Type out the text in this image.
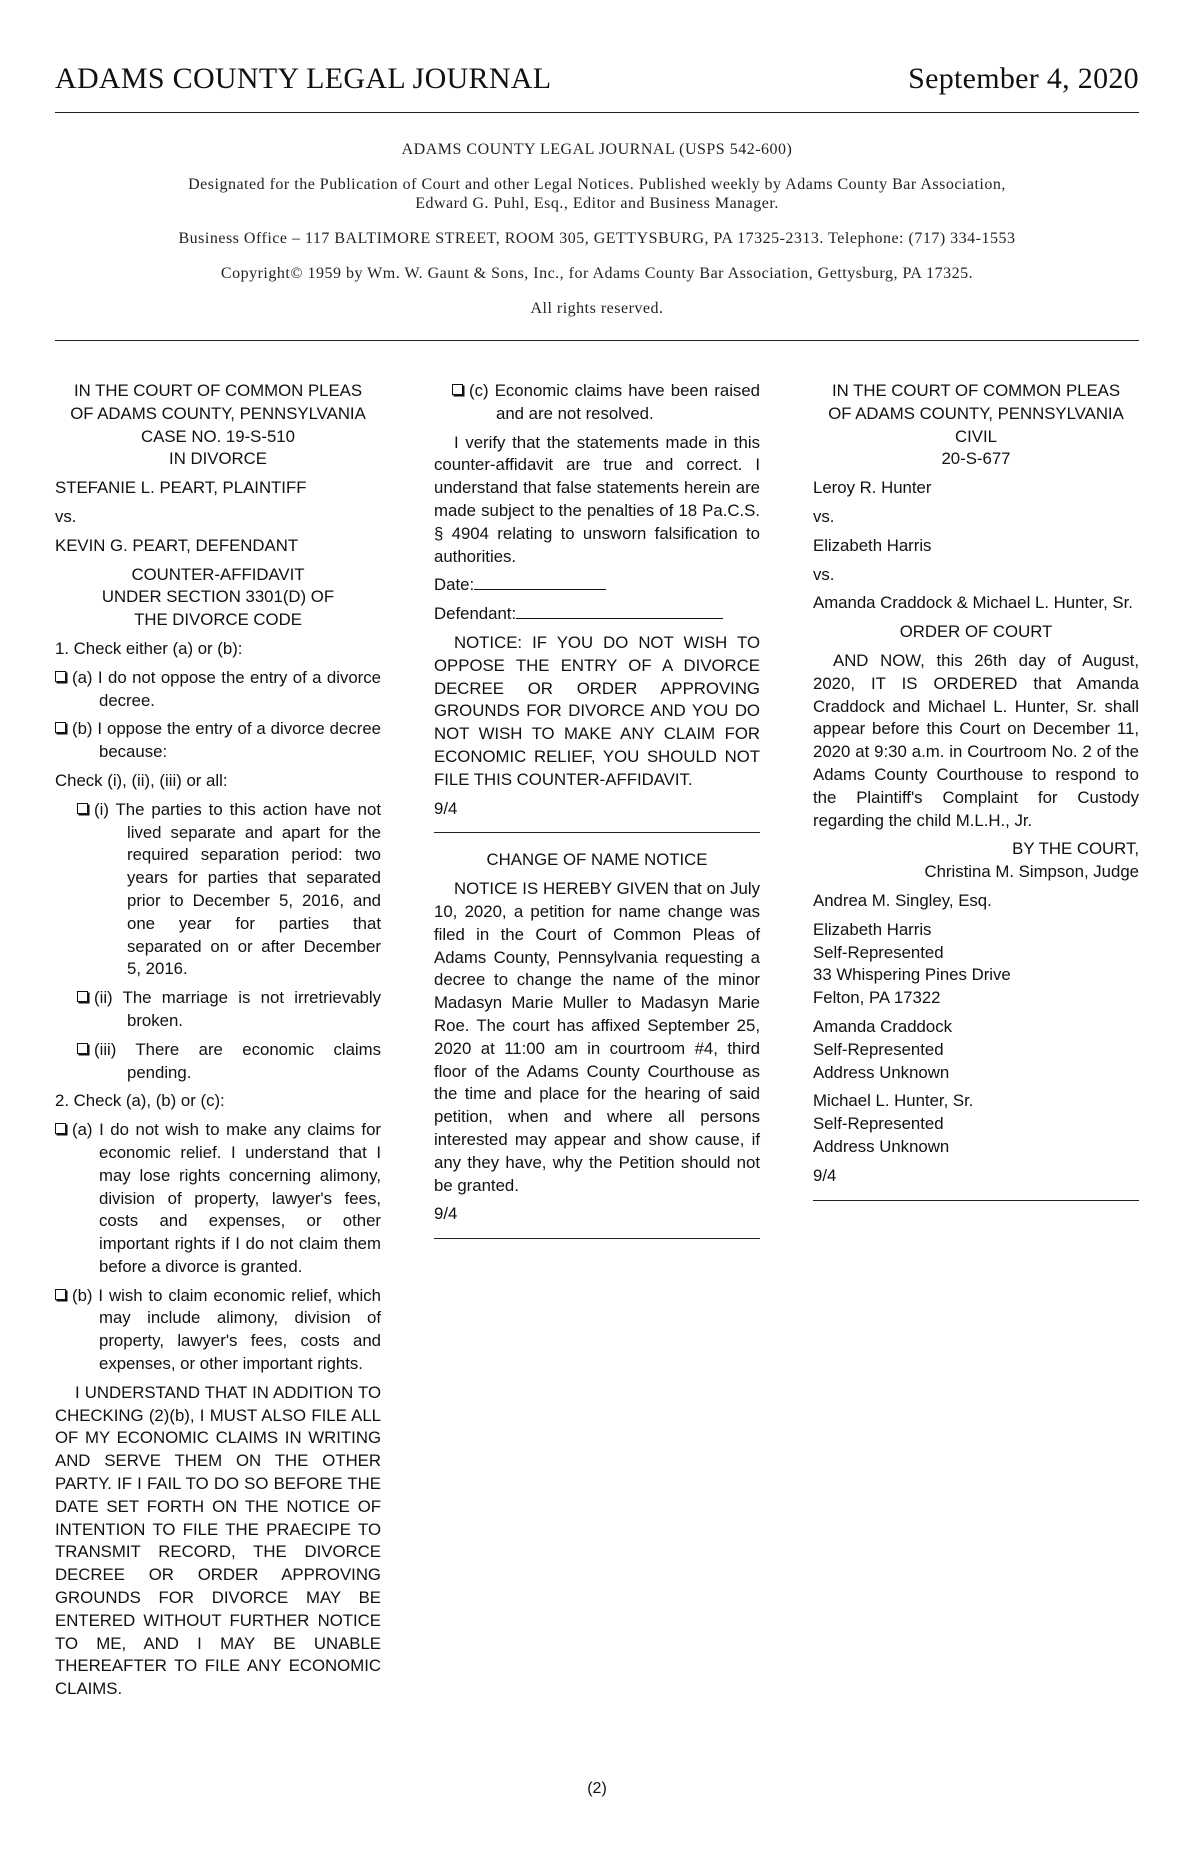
ADAMS COUNTY LEGAL JOURNAL	September 4, 2020

ADAMS COUNTY LEGAL JOURNAL (USPS 542-600)

Designated for the Publication of Court and other Legal Notices. Published weekly by Adams County Bar Association,
Edward G. Puhl, Esq., Editor and Business Manager.

Business Office – 117 BALTIMORE STREET, ROOM 305, GETTYSBURG, PA 17325-2313. Telephone: (717) 334-1553

Copyright© 1959 by Wm. W. Gaunt & Sons, Inc., for Adams County Bar Association, Gettysburg, PA 17325.

All rights reserved.

IN THE COURT OF COMMON PLEAS
OF ADAMS COUNTY, PENNSYLVANIA
CASE NO. 19-S-510
IN DIVORCE

STEFANIE L. PEART, PLAINTIFF

vs.

KEVIN G. PEART, DEFENDANT

COUNTER-AFFIDAVIT
UNDER SECTION 3301(D) OF
THE DIVORCE CODE

1. Check either (a) or (b):

(a) I do not oppose the entry of a divorce decree.

(b) I oppose the entry of a divorce decree because:

Check (i), (ii), (iii) or all:

(i) The parties to this action have not lived separate and apart for the required separation period: two years for parties that separated prior to December 5, 2016, and one year for parties that separated on or after December 5, 2016.

(ii) The marriage is not irretrievably broken.

(iii) There are economic claims pending.

2. Check (a), (b) or (c):

(a) I do not wish to make any claims for economic relief. I understand that I may lose rights concerning alimony, division of property, lawyer's fees, costs and expenses, or other important rights if I do not claim them before a divorce is granted.

(b) I wish to claim economic relief, which may include alimony, division of property, lawyer's fees, costs and expenses, or other important rights.

I UNDERSTAND THAT IN ADDITION TO CHECKING (2)(b), I MUST ALSO FILE ALL OF MY ECONOMIC CLAIMS IN WRITING AND SERVE THEM ON THE OTHER PARTY. IF I FAIL TO DO SO BEFORE THE DATE SET FORTH ON THE NOTICE OF INTENTION TO FILE THE PRAECIPE TO TRANSMIT RECORD, THE DIVORCE DECREE OR ORDER APPROVING GROUNDS FOR DIVORCE MAY BE ENTERED WITHOUT FURTHER NOTICE TO ME, AND I MAY BE UNABLE THEREAFTER TO FILE ANY ECONOMIC CLAIMS.

(c) Economic claims have been raised and are not resolved.

I verify that the statements made in this counter-affidavit are true and correct. I understand that false statements herein are made subject to the penalties of 18 Pa.C.S. § 4904 relating to unsworn falsification to authorities.

Date:

Defendant:

NOTICE: IF YOU DO NOT WISH TO OPPOSE THE ENTRY OF A DIVORCE DECREE OR ORDER APPROVING GROUNDS FOR DIVORCE AND YOU DO NOT WISH TO MAKE ANY CLAIM FOR ECONOMIC RELIEF, YOU SHOULD NOT FILE THIS COUNTER-AFFIDAVIT.

9/4

CHANGE OF NAME NOTICE

NOTICE IS HEREBY GIVEN that on July 10, 2020, a petition for name change was filed in the Court of Common Pleas of Adams County, Pennsylvania requesting a decree to change the name of the minor Madasyn Marie Muller to Madasyn Marie Roe. The court has affixed September 25, 2020 at 11:00 am in courtroom #4, third floor of the Adams County Courthouse as the time and place for the hearing of said petition, when and where all persons interested may appear and show cause, if any they have, why the Petition should not be granted.

9/4

IN THE COURT OF COMMON PLEAS
OF ADAMS COUNTY, PENNSYLVANIA
CIVIL
20-S-677

Leroy R. Hunter

vs.

Elizabeth Harris

vs.

Amanda Craddock & Michael L. Hunter, Sr.

ORDER OF COURT

AND NOW, this 26th day of August, 2020, IT IS ORDERED that Amanda Craddock and Michael L. Hunter, Sr. shall appear before this Court on December 11, 2020 at 9:30 a.m. in Courtroom No. 2 of the Adams County Courthouse to respond to the Plaintiff's Complaint for Custody regarding the child M.L.H., Jr.

BY THE COURT,
Christina M. Simpson, Judge

Andrea M. Singley, Esq.

Elizabeth Harris
Self-Represented
33 Whispering Pines Drive
Felton, PA 17322

Amanda Craddock
Self-Represented
Address Unknown

Michael L. Hunter, Sr.
Self-Represented
Address Unknown

9/4

(2)
